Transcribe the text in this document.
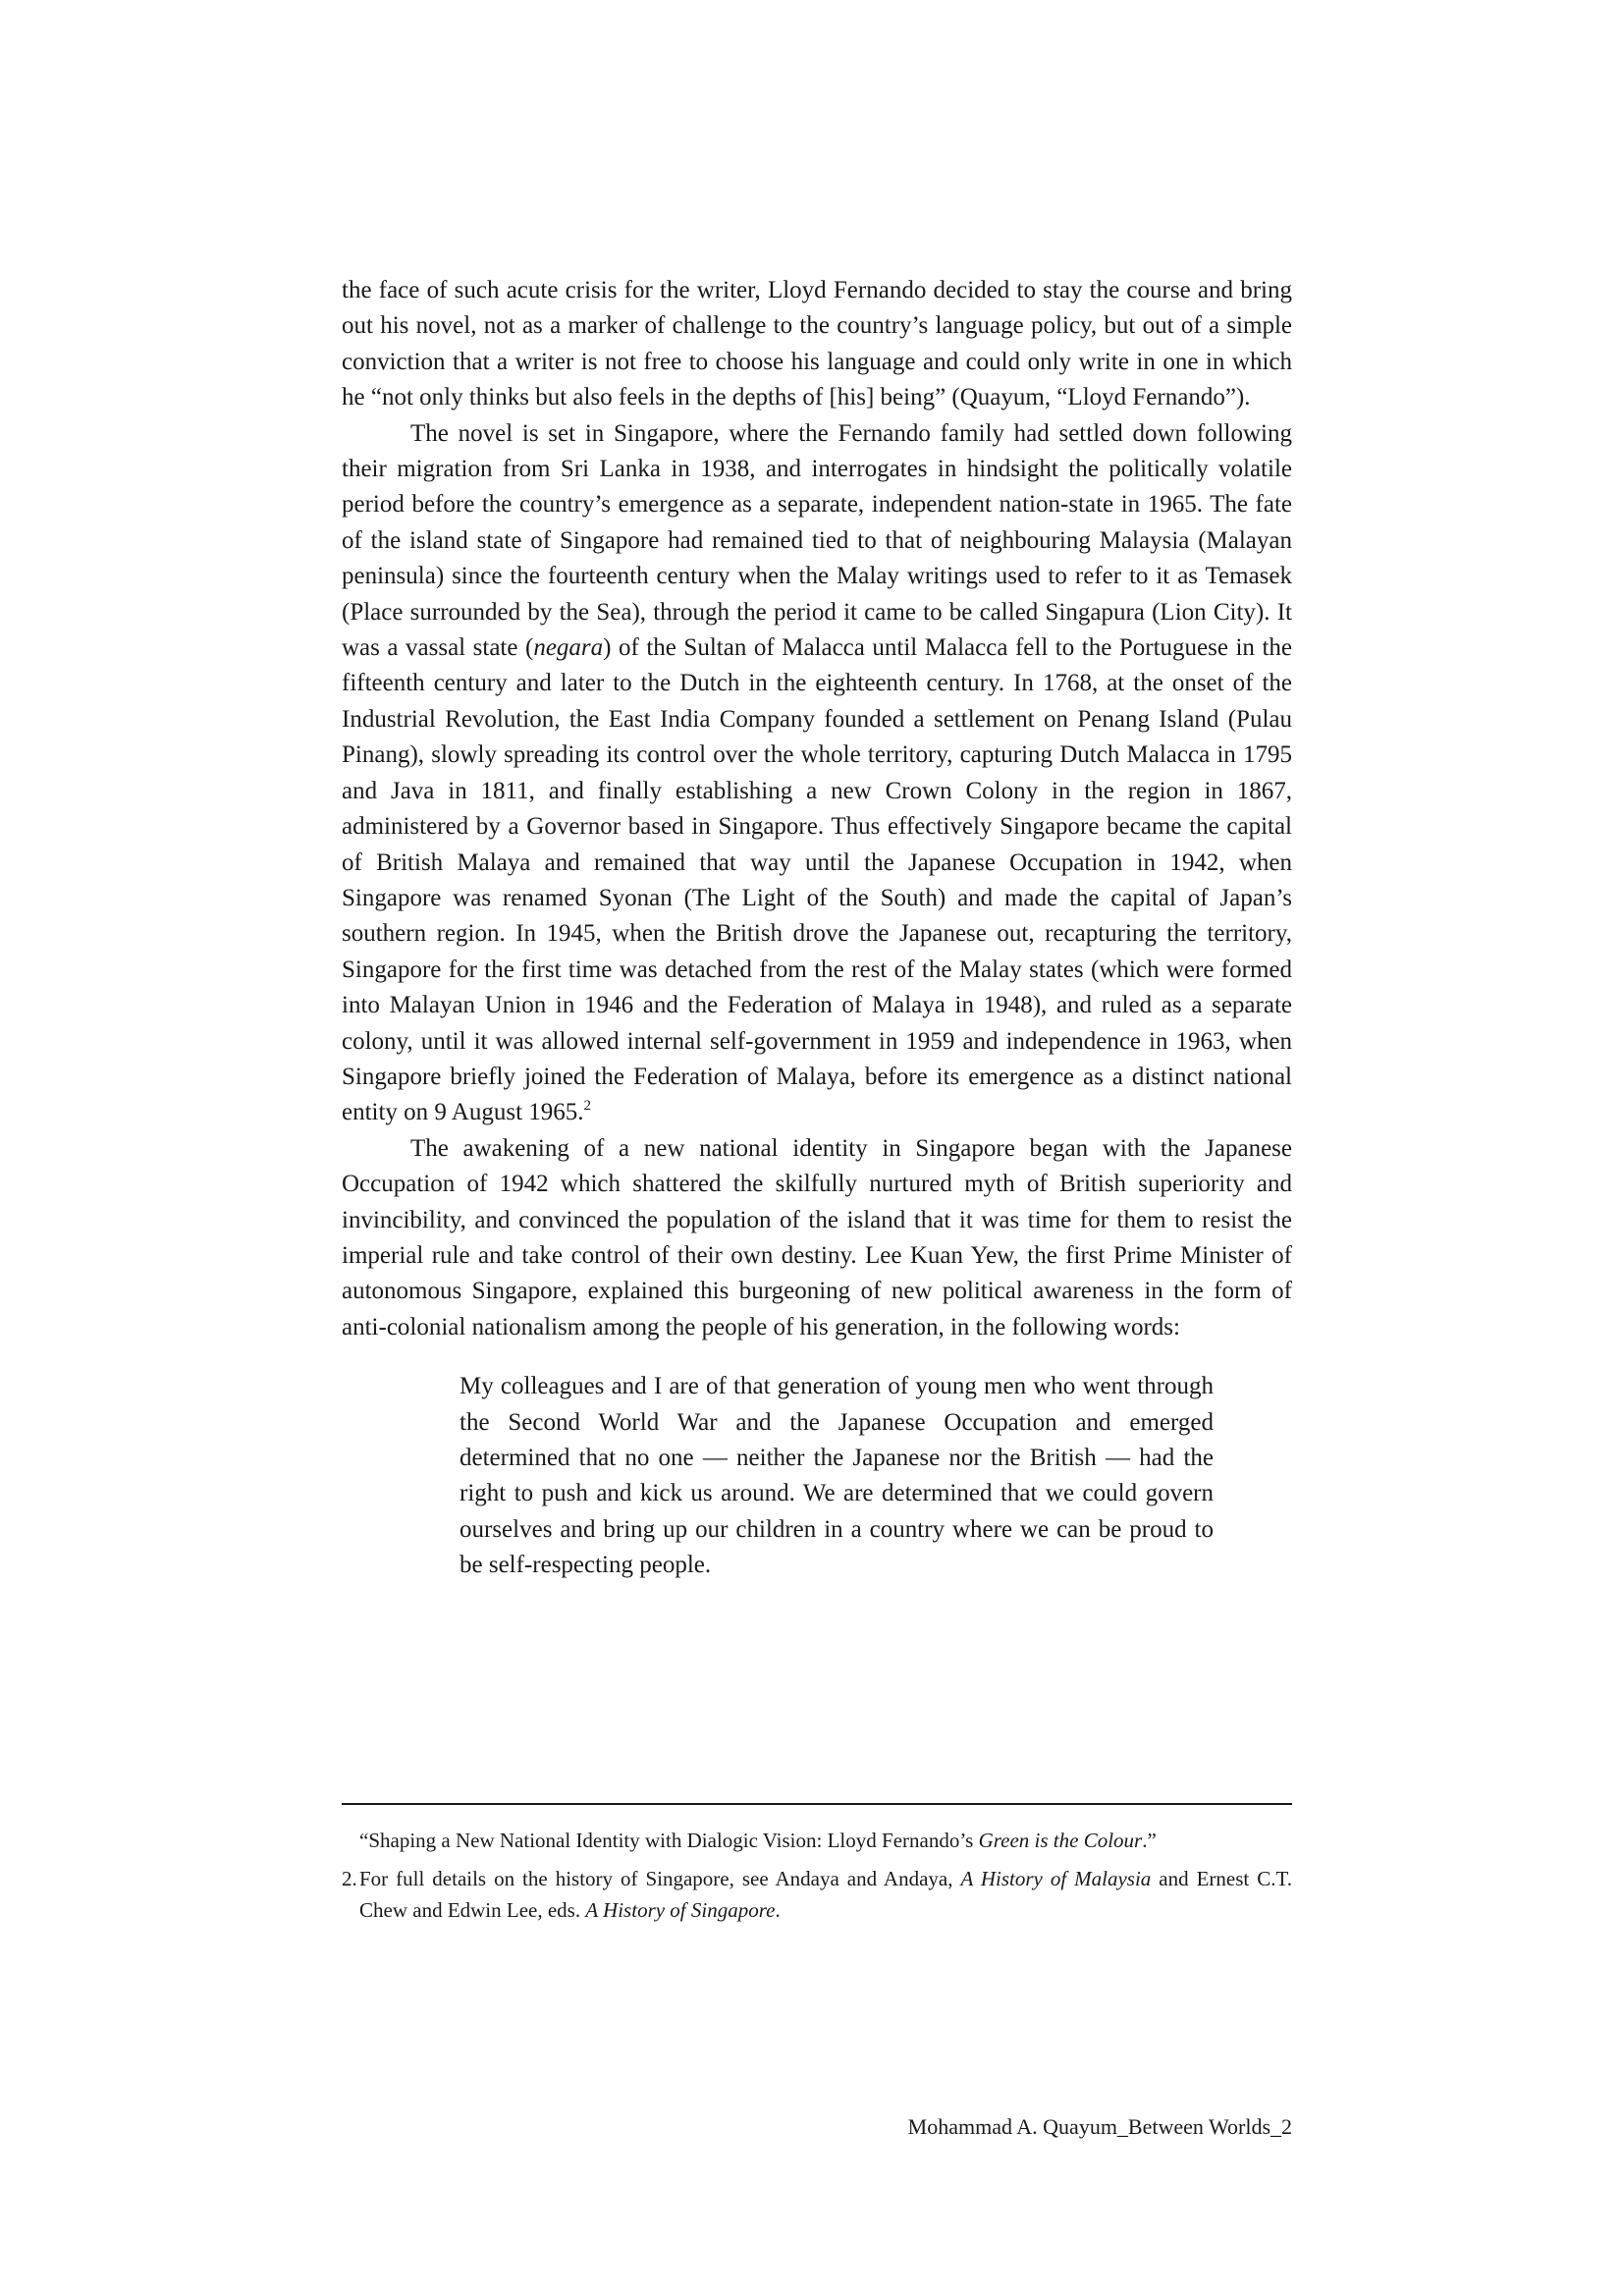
the face of such acute crisis for the writer, Lloyd Fernando decided to stay the course and bring out his novel, not as a marker of challenge to the country’s language policy, but out of a simple conviction that a writer is not free to choose his language and could only write in one in which he “not only thinks but also feels in the depths of [his] being” (Quayum, “Lloyd Fernando”).

The novel is set in Singapore, where the Fernando family had settled down following their migration from Sri Lanka in 1938, and interrogates in hindsight the politically volatile period before the country’s emergence as a separate, independent nation-state in 1965. The fate of the island state of Singapore had remained tied to that of neighbouring Malaysia (Malayan peninsula) since the fourteenth century when the Malay writings used to refer to it as Temasek (Place surrounded by the Sea), through the period it came to be called Singapura (Lion City). It was a vassal state (negara) of the Sultan of Malacca until Malacca fell to the Portuguese in the fifteenth century and later to the Dutch in the eighteenth century. In 1768, at the onset of the Industrial Revolution, the East India Company founded a settlement on Penang Island (Pulau Pinang), slowly spreading its control over the whole territory, capturing Dutch Malacca in 1795 and Java in 1811, and finally establishing a new Crown Colony in the region in 1867, administered by a Governor based in Singapore. Thus effectively Singapore became the capital of British Malaya and remained that way until the Japanese Occupation in 1942, when Singapore was renamed Syonan (The Light of the South) and made the capital of Japan’s southern region. In 1945, when the British drove the Japanese out, recapturing the territory, Singapore for the first time was detached from the rest of the Malay states (which were formed into Malayan Union in 1946 and the Federation of Malaya in 1948), and ruled as a separate colony, until it was allowed internal self-government in 1959 and independence in 1963, when Singapore briefly joined the Federation of Malaya, before its emergence as a distinct national entity on 9 August 1965.$^2$

The awakening of a new national identity in Singapore began with the Japanese Occupation of 1942 which shattered the skilfully nurtured myth of British superiority and invincibility, and convinced the population of the island that it was time for them to resist the imperial rule and take control of their own destiny. Lee Kuan Yew, the first Prime Minister of autonomous Singapore, explained this burgeoning of new political awareness in the form of anti-colonial nationalism among the people of his generation, in the following words:

My colleagues and I are of that generation of young men who went through the Second World War and the Japanese Occupation and emerged determined that no one — neither the Japanese nor the British — had the right to push and kick us around. We are determined that we could govern ourselves and bring up our children in a country where we can be proud to be self-respecting people.

“Shaping a New National Identity with Dialogic Vision: Lloyd Fernando’s Green is the Colour.”

2. For full details on the history of Singapore, see Andaya and Andaya, A History of Malaysia and Ernest C.T. Chew and Edwin Lee, eds. A History of Singapore.

Mohammad A. Quayum_Between Worlds_2
